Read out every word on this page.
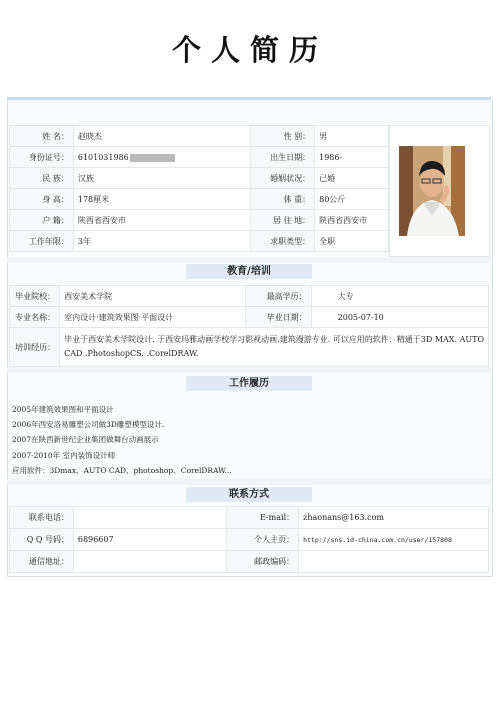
个人简历
姓 名：	赵晓杰	性 别：	男
身份证号：	6101031986	出生日期：	1986-
民 族：	汉族	婚姻状况：	已婚
身 高：	178厘米	体 重：	80公斤
户 籍：	陕西省西安市	居 住 地：	陕西省西安市
工作年限：	3年	求职类型：	全职
教育/培训
毕业院校：	西安美术学院	最高学历：	大专
专业名称：	室内设计·建筑效果图·平面设计	毕业日期：	2005-07-10
培训经历：	毕业于西安美术学院设计. 于西安玛雅动画学校学习影视动画.建筑漫游专业. 可以应用的软件：精通于3D MAX. AUTO
CAD .PhotoshopCS. .CorelDRAW.		
工作履历
2005年建筑效果图和平面设计
2006年西安洛易雕塑公司做3D雕塑模型设计.
2007在陕西新世纪企业集团做舞台动画展示
2007-2010年 室内装饰设计师
应用软件：3Dmax、AUTO CAD、photoshop、CorelDRAW...
联系方式
联系电话：		E-mail：	zhaonans@163.com
Q Q 号码：	6896607	个人主页：	http://sns.id-china.com.cn/user/157808
通信地址：		邮政编码：	
